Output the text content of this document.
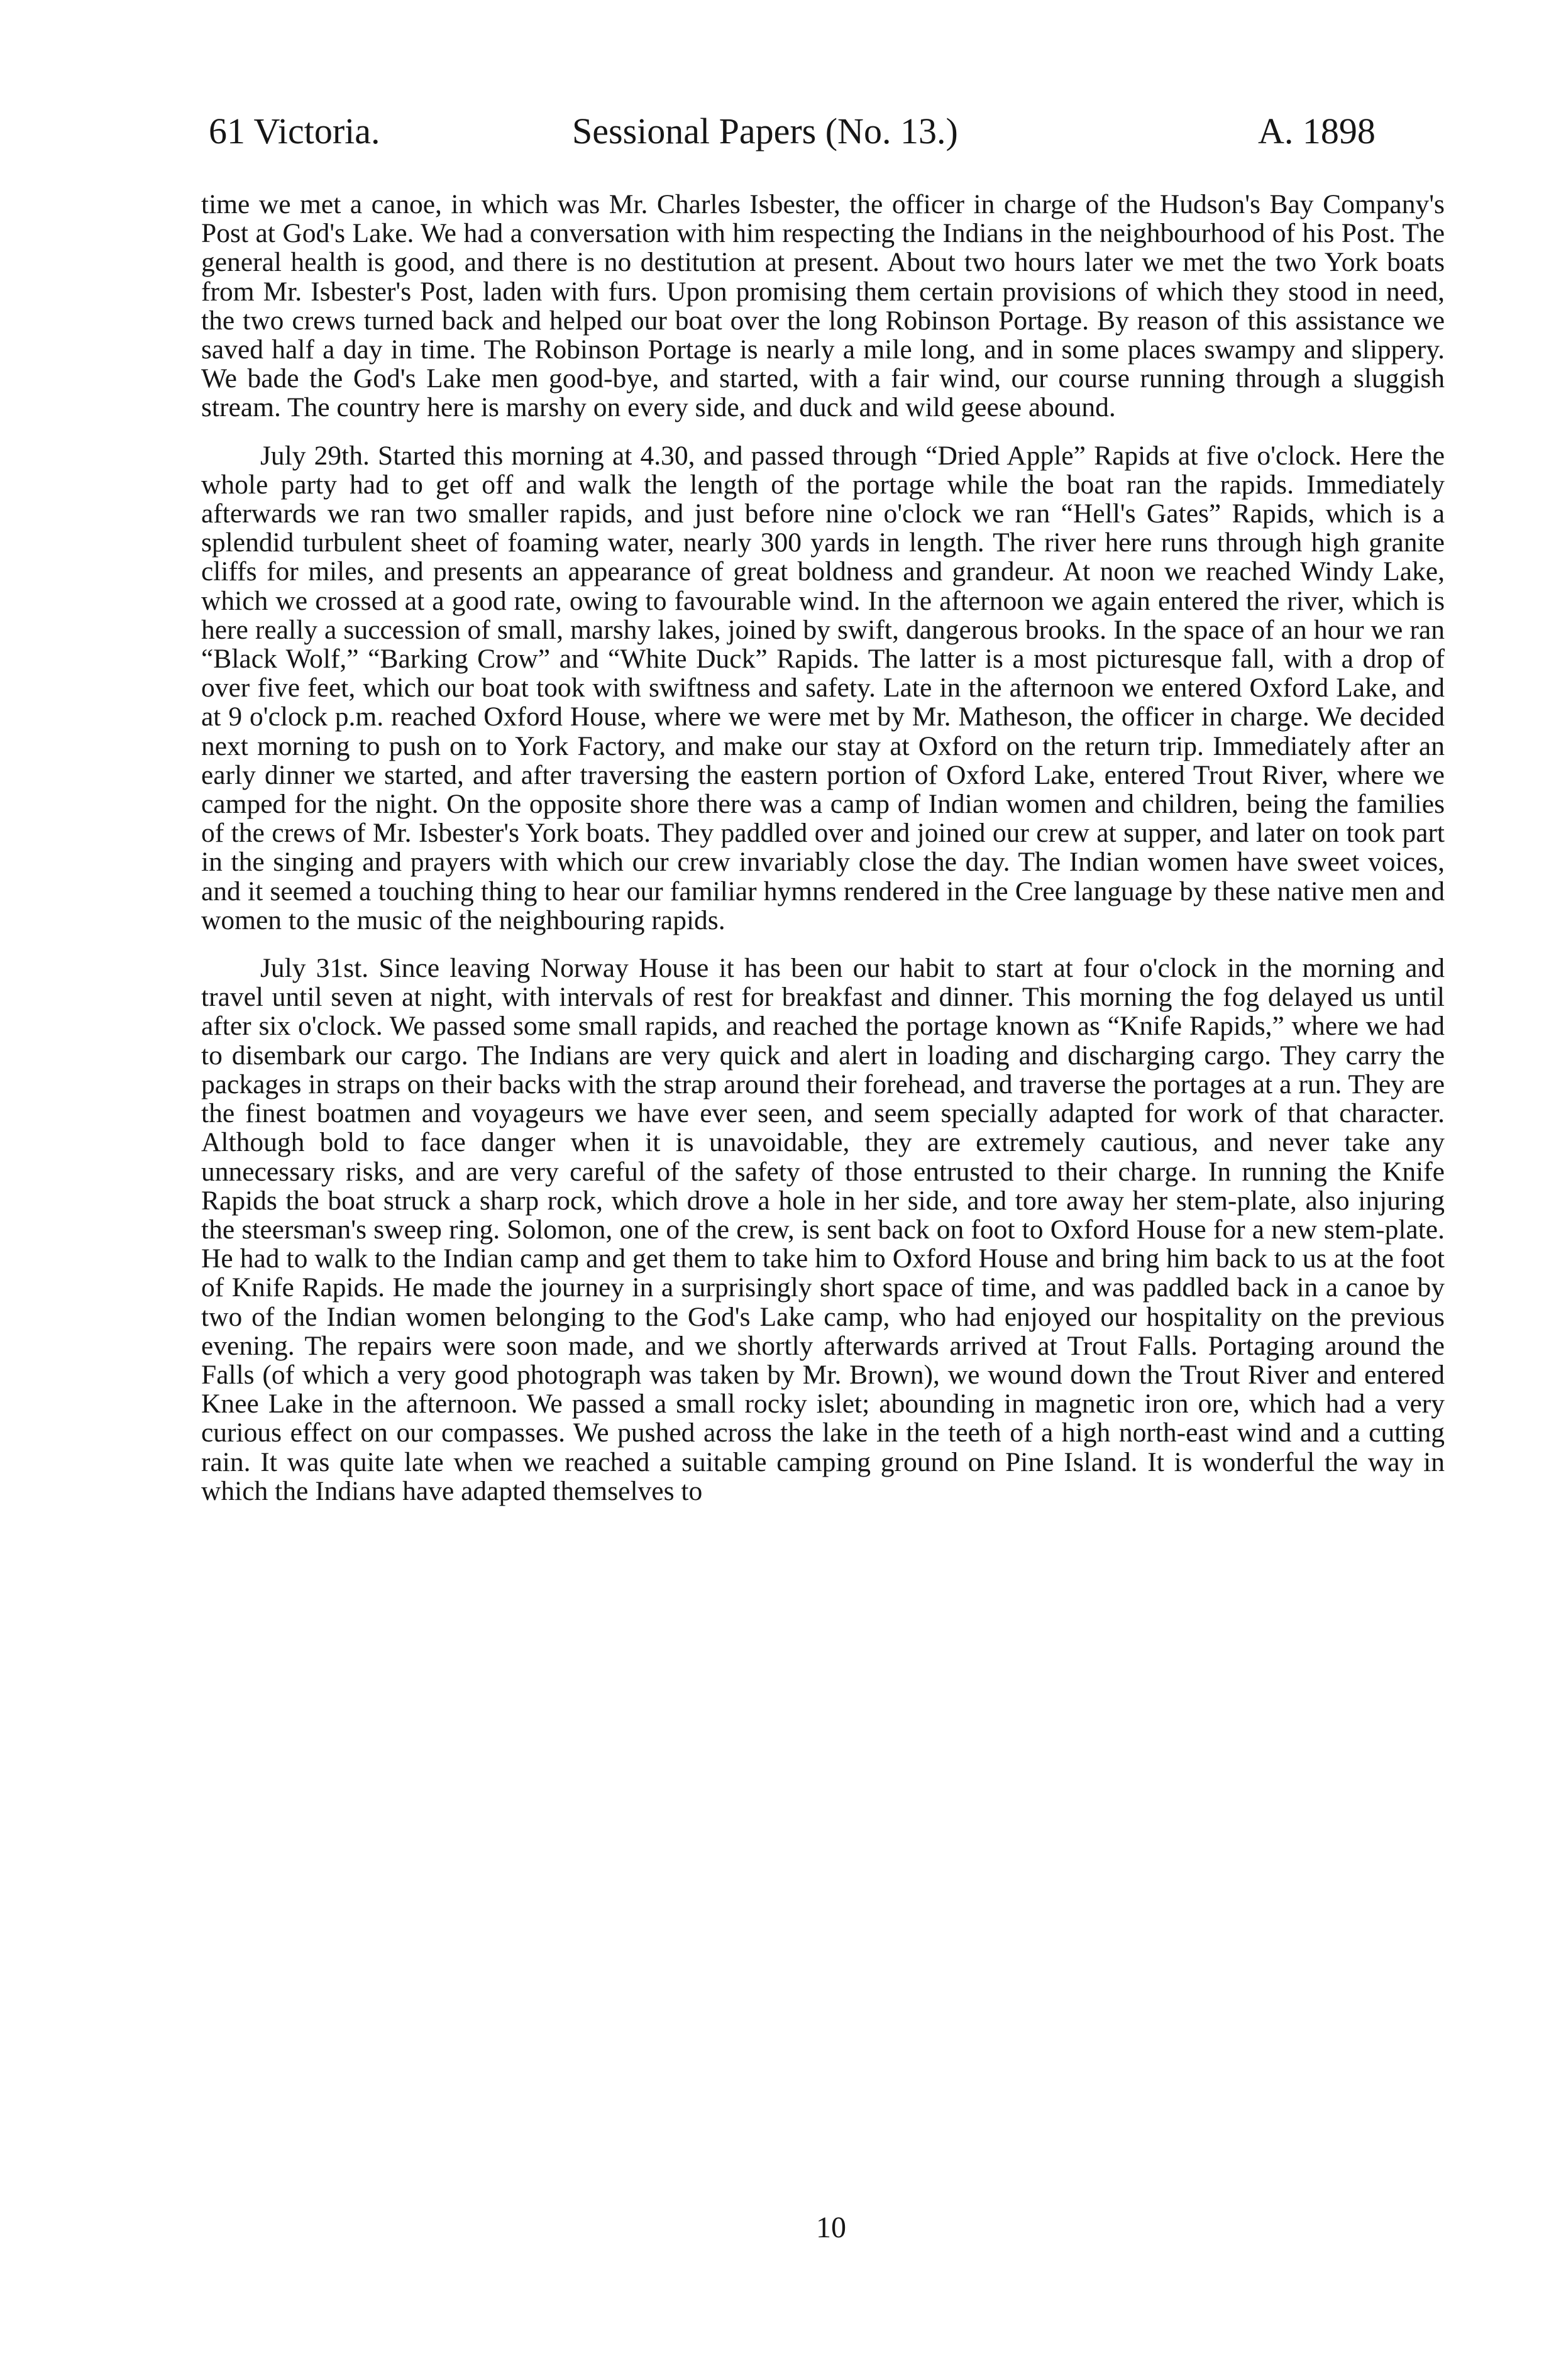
61 Victoria.	Sessional Papers (No. 13.)	A. 1898

time we met a canoe, in which was Mr. Charles Isbester, the officer in charge of the Hudson's Bay Company's Post at God's Lake. We had a conversation with him respecting the Indians in the neighbourhood of his Post. The general health is good, and there is no destitution at present. About two hours later we met the two York boats from Mr. Isbester's Post, laden with furs. Upon promising them certain provisions of which they stood in need, the two crews turned back and helped our boat over the long Robinson Portage. By reason of this assistance we saved half a day in time. The Robinson Portage is nearly a mile long, and in some places swampy and slippery. We bade the God's Lake men good-bye, and started, with a fair wind, our course running through a sluggish stream. The country here is marshy on every side, and duck and wild geese abound.

July 29th. Started this morning at 4.30, and passed through “Dried Apple” Rapids at five o'clock. Here the whole party had to get off and walk the length of the portage while the boat ran the rapids. Immediately afterwards we ran two smaller rapids, and just before nine o'clock we ran “Hell's Gates” Rapids, which is a splendid turbulent sheet of foaming water, nearly 300 yards in length. The river here runs through high granite cliffs for miles, and presents an appearance of great boldness and grandeur. At noon we reached Windy Lake, which we crossed at a good rate, owing to favourable wind. In the afternoon we again entered the river, which is here really a succession of small, marshy lakes, joined by swift, dangerous brooks. In the space of an hour we ran “Black Wolf,” “Barking Crow” and “White Duck” Rapids. The latter is a most picturesque fall, with a drop of over five feet, which our boat took with swiftness and safety. Late in the afternoon we entered Oxford Lake, and at 9 o'clock p.m. reached Oxford House, where we were met by Mr. Matheson, the officer in charge. We decided next morning to push on to York Factory, and make our stay at Oxford on the return trip. Immediately after an early dinner we started, and after traversing the eastern portion of Oxford Lake, entered Trout River, where we camped for the night. On the opposite shore there was a camp of Indian women and children, being the families of the crews of Mr. Isbester's York boats. They paddled over and joined our crew at supper, and later on took part in the singing and prayers with which our crew invariably close the day. The Indian women have sweet voices, and it seemed a touching thing to hear our familiar hymns rendered in the Cree language by these native men and women to the music of the neighbouring rapids.

July 31st. Since leaving Norway House it has been our habit to start at four o'clock in the morning and travel until seven at night, with intervals of rest for breakfast and dinner. This morning the fog delayed us until after six o'clock. We passed some small rapids, and reached the portage known as “Knife Rapids,” where we had to disembark our cargo. The Indians are very quick and alert in loading and discharging cargo. They carry the packages in straps on their backs with the strap around their forehead, and traverse the portages at a run. They are the finest boatmen and voyageurs we have ever seen, and seem specially adapted for work of that character. Although bold to face danger when it is unavoidable, they are extremely cautious, and never take any unnecessary risks, and are very careful of the safety of those entrusted to their charge. In running the Knife Rapids the boat struck a sharp rock, which drove a hole in her side, and tore away her stem-plate, also injuring the steersman's sweep ring. Solomon, one of the crew, is sent back on foot to Oxford House for a new stem-plate. He had to walk to the Indian camp and get them to take him to Oxford House and bring him back to us at the foot of Knife Rapids. He made the journey in a surprisingly short space of time, and was paddled back in a canoe by two of the Indian women belonging to the God's Lake camp, who had enjoyed our hospitality on the previous evening. The repairs were soon made, and we shortly afterwards arrived at Trout Falls. Portaging around the Falls (of which a very good photograph was taken by Mr. Brown), we wound down the Trout River and entered Knee Lake in the afternoon. We passed a small rocky islet; abounding in magnetic iron ore, which had a very curious effect on our compasses. We pushed across the lake in the teeth of a high north-east wind and a cutting rain. It was quite late when we reached a suitable camping ground on Pine Island. It is wonderful the way in which the Indians have adapted themselves to

10
